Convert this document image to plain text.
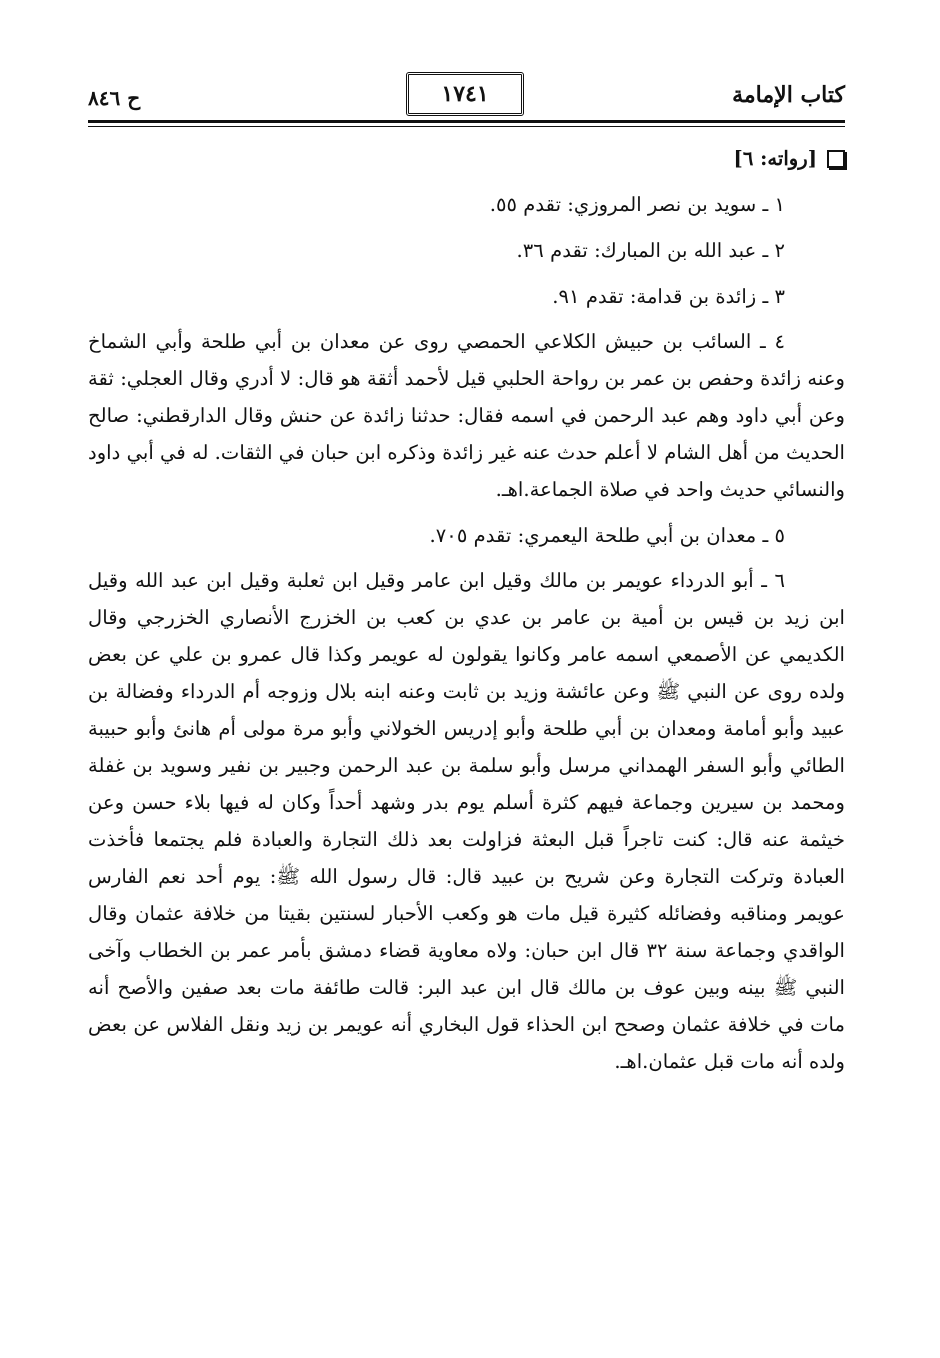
كتاب الإمامة
١٧٤١
ح ٨٤٦
[رواته: ٦]

١ ـ سويد بن نصر المروزي: تقدم ٥٥.

٢ ـ عبد الله بن المبارك: تقدم ٣٦.

٣ ـ زائدة بن قدامة: تقدم ٩١.

٤ ـ السائب بن حبيش الكلاعي الحمصي روى عن معدان بن أبي طلحة وأبي الشماخ وعنه زائدة وحفص بن عمر بن رواحة الحلبي قيل لأحمد أثقة هو قال: لا أدري وقال العجلي: ثقة وعن أبي داود وهم عبد الرحمن في اسمه فقال: حدثنا زائدة عن حنش وقال الدارقطني: صالح الحديث من أهل الشام لا أعلم حدث عنه غير زائدة وذكره ابن حبان في الثقات. له في أبي داود والنسائي حديث واحد في صلاة الجماعة.اهـ.

٥ ـ معدان بن أبي طلحة اليعمري: تقدم ٧٠٥.

٦ ـ أبو الدرداء عويمر بن مالك وقيل ابن عامر وقيل ابن ثعلبة وقيل ابن عبد الله وقيل ابن زيد بن قيس بن أمية بن عامر بن عدي بن كعب بن الخزرج الأنصاري الخزرجي وقال الكديمي عن الأصمعي اسمه عامر وكانوا يقولون له عويمر وكذا قال عمرو بن علي عن بعض ولده روى عن النبي ﷺ وعن عائشة وزيد بن ثابت وعنه ابنه بلال وزوجه أم الدرداء وفضالة بن عبيد وأبو أمامة ومعدان بن أبي طلحة وأبو إدريس الخولاني وأبو مرة مولى أم هانئ وأبو حبيبة الطائي وأبو السفر الهمداني مرسل وأبو سلمة بن عبد الرحمن وجبير بن نفير وسويد بن غفلة ومحمد بن سيرين وجماعة فيهم كثرة أسلم يوم بدر وشهد أحداً وكان له فيها بلاء حسن وعن خيثمة عنه قال: كنت تاجراً قبل البعثة فزاولت بعد ذلك التجارة والعبادة فلم يجتمعا فأخذت العبادة وتركت التجارة وعن شريح بن عبيد قال: قال رسول الله ﷺ: يوم أحد نعم الفارس عويمر ومناقبه وفضائله كثيرة قيل مات هو وكعب الأحبار لسنتين بقيتا من خلافة عثمان وقال الواقدي وجماعة سنة ٣٢ قال ابن حبان: ولاه معاوية قضاء دمشق بأمر عمر بن الخطاب وآخى النبي ﷺ بينه وبين عوف بن مالك قال ابن عبد البر: قالت طائفة مات بعد صفين والأصح أنه مات في خلافة عثمان وصحح ابن الحذاء قول البخاري أنه عويمر بن زيد ونقل الفلاس عن بعض ولده أنه مات قبل عثمان.اهـ.
